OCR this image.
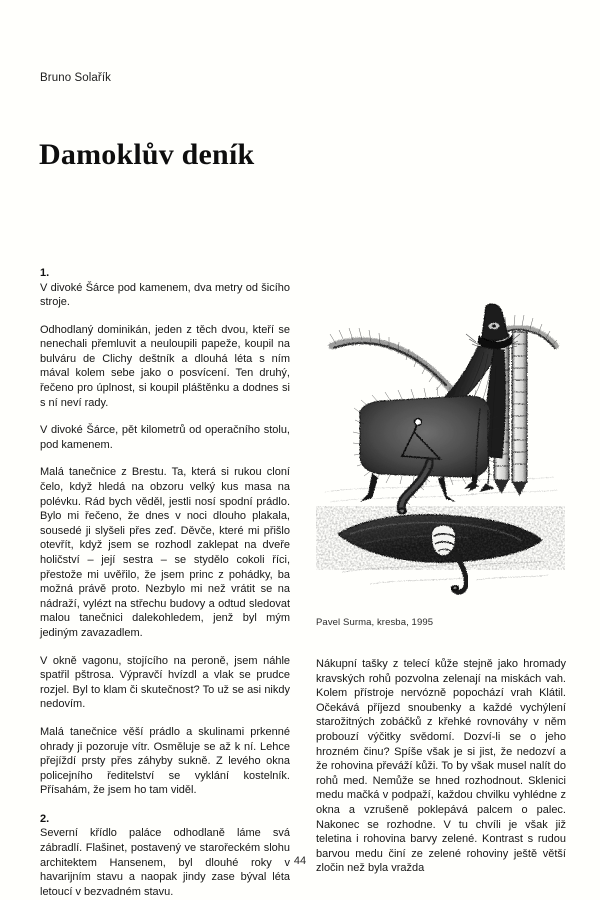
Bruno Solařík
Damoklův deník

1.

V divoké Šárce pod kamenem, dva metry od šicího stroje.

Odhodlaný dominikán, jeden z těch dvou, kteří se nenechali přemluvit a neuloupili papeže, koupil na bulváru de Clichy deštník a dlouhá léta s ním mával kolem sebe jako o posvícení. Ten druhý, řečeno pro úplnost, si koupil pláštěnku a dodnes si s ní neví rady.

V divoké Šárce, pět kilometrů od operačního stolu, pod kamenem.

Malá tanečnice z Brestu. Ta, která si rukou cloní čelo, když hledá na obzoru velký kus masa na polévku. Rád bych věděl, jestli nosí spodní prádlo. Bylo mi řečeno, že dnes v noci dlouho plakala, sousedé ji slyšeli přes zeď. Děvče, které mi přišlo otevřít, když jsem se rozhodl zaklepat na dveře holičství – její sestra – se stydělo cokoli říci, přestože mi uvěřilo, že jsem princ z pohádky, ba možná právě proto. Nezbylo mi než vrátit se na nádraží, vylézt na střechu budovy a odtud sledovat malou tanečnici dalekohledem, jenž byl mým jediným zavazadlem.

V okně vagonu, stojícího na peroně, jsem náhle spatřil pštrosa. Výpravčí hvízdl a vlak se prudce rozjel. Byl to klam či skutečnost? To už se asi nikdy nedovím.

Malá tanečnice věší prádlo a skulinami prkenné ohrady ji pozoruje vítr. Osměluje se až k ní. Lehce přejíždí prsty přes záhyby sukně. Z levého okna policejního ředitelství se vyklání kostelník. Přísahám, že jsem ho tam viděl.

2.

Severní křídlo paláce odhodlaně láme svá zábradlí. Flašinet, postavený ve starořeckém slohu architektem Hansenem, byl dlouhé roky v havarijním stavu a naopak jindy zase býval léta letoucí v bezvadném stavu.

Pavel Surma, kresba, 1995

Nákupní tašky z telecí kůže stejně jako hromady kravských rohů pozvolna zelenají na miskách vah. Kolem přístroje nervózně popochází vrah Klátil. Očekává příjezd snoubenky a každé vychýlení starožitných zobáčků z křehké rovnováhy v něm probouzí výčitky svědomí. Dozví-li se o jeho hrozném činu? Spíše však je si jist, že nedozví a že rohovina převáží kůži. To by však musel nalít do rohů med. Nemůže se hned rozhodnout. Sklenici medu mačká v podpaží, každou chvilku vyhlédne z okna a vzrušeně poklepává palcem o palec. Nakonec se rozhodne. V tu chvíli je však již teletina i rohovina barvy zelené. Kontrast s rudou barvou medu činí ze zelené rohoviny ještě větší zločin než byla vražda

44
